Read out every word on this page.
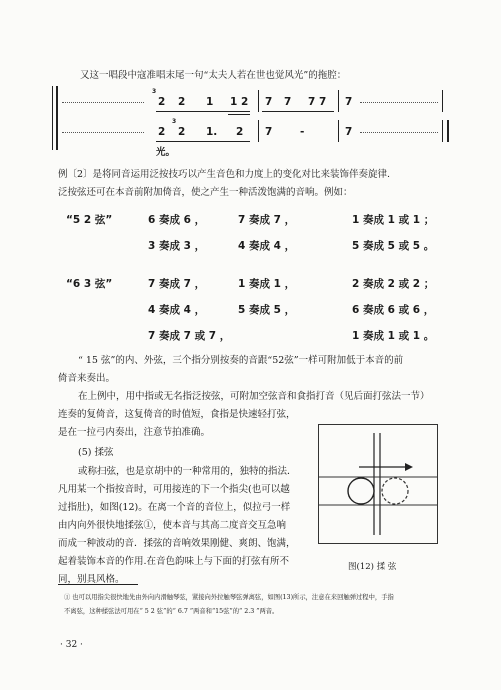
又这一唱段中寇准唱末尾一句“太夫人若在世也觉风光”的拖腔：
3
2 2 1 1 2 7 7 7 7 7
2
3
2 1. 2 7	-	7
光。
例〔2〕是将同音运用泛按技巧以产生音色和力度上的变化对比来装饰伴奏旋律.
泛按弦还可在本音前附加倚音，使之产生一种活泼饱满的音响。例如：
“5 2 弦”	6 奏成 6 ，	7 奏成 7 ，	1 奏成 1 或 1 ；
3 奏成 3 ，	4 奏成 4 ，	5 奏成 5 或 5 。
“6 3 弦”	7 奏成 7 ，	1 奏成 1 ，	2 奏成 2 或 2 ；
4 奏成 4 ，	5 奏成 5 ，	6 奏成 6 或 6 ，
7 奏成 7 或 7 ，	1 奏成 1 或 1 。
“ 15 弦”的内、外弦，三个指分别按奏的音跟“52弦”一样可附加低于本音的前
倚音来奏出。
在上例中，用中指或无名指泛按弦，可附加空弦音和食指打音（见后面打弦法一节）
连奏的复倚音，这复倚音的时值短，食指是快速轻打弦，
是在一拉弓内奏出，注意节拍准确。
(5) 揉弦
或称扫弦，也是京胡中的一种常用的，独特的指法．
凡用某一个指按音时，可用接连的下一个指尖(也可以越
过指肚)，如图(12)。在离一个音的音位上，似拉弓一样
由内向外很快地揉弦①，使本音与其高二度音交互急响
而成一种波动的音．揉弦的音响效果刚健、爽朗、饱满，
起着装饰本音的作用.在音色韵味上与下面的打弦有所不
同，别具风格。
图(12) 揉 弦
① 也可以用指尖很快地先由外向内滑触琴弦，紧接向外拉触琴弦弹离弦，如图(13)所示，注意在来回触弹过程中，手指
不离弦，这种揉弦法可用在“ 5 2 弦”的“ 6.7 ”两音和“15弦”的“ 2.3 ”两音。
· 32 ·
